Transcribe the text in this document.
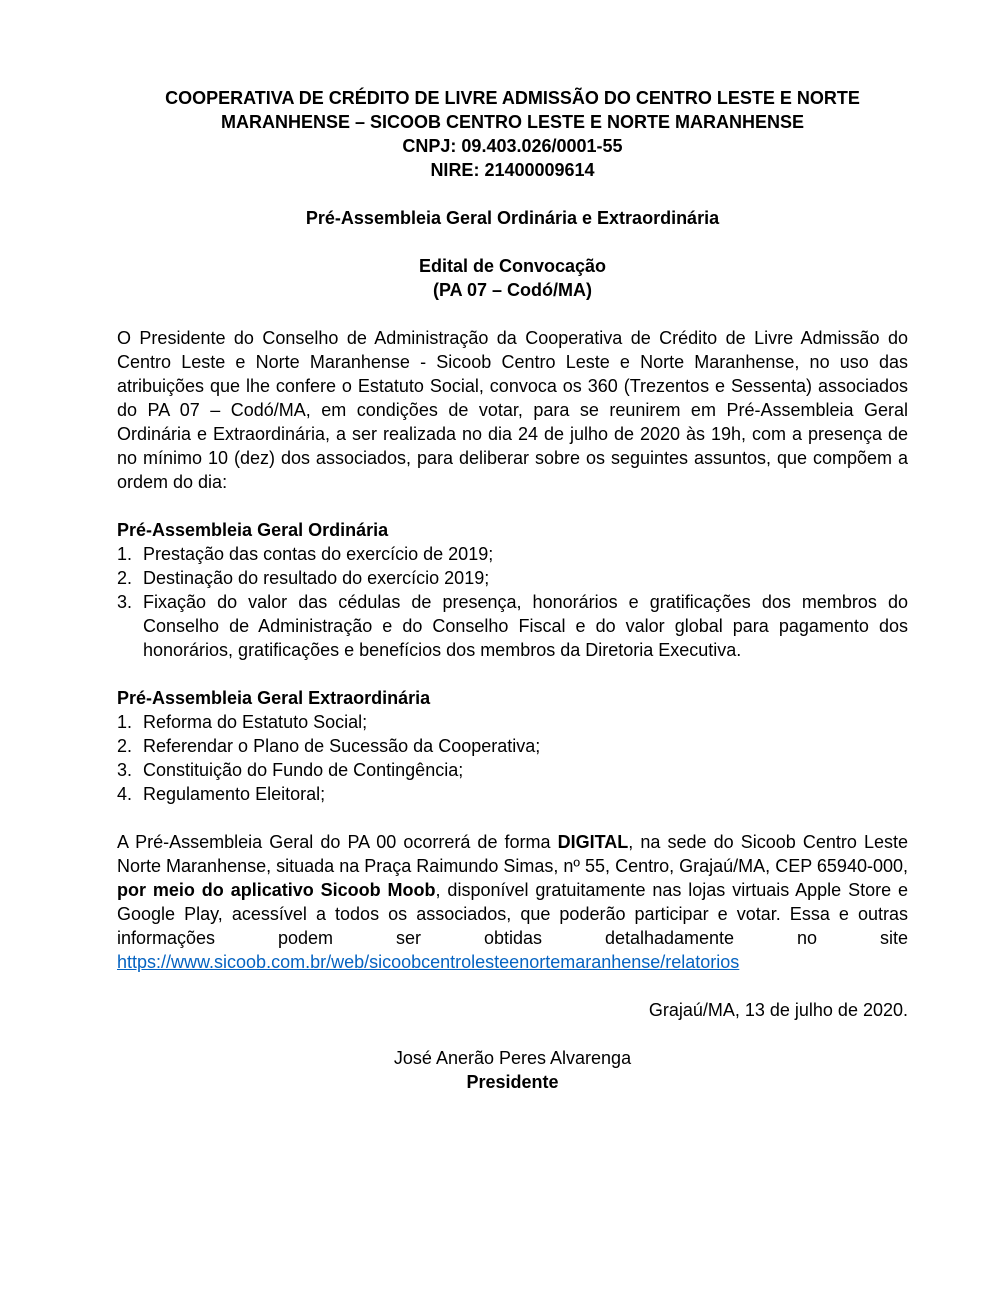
COOPERATIVA DE CRÉDITO DE LIVRE ADMISSÃO DO CENTRO LESTE E NORTE
MARANHENSE – SICOOB CENTRO LESTE E NORTE MARANHENSE
CNPJ: 09.403.026/0001-55
NIRE: 21400009614
Pré-Assembleia Geral Ordinária e Extraordinária
Edital de Convocação
(PA 07 – Codó/MA)

O Presidente do Conselho de Administração da Cooperativa de Crédito de Livre Admissão do Centro Leste e Norte Maranhense - Sicoob Centro Leste e Norte Maranhense, no uso das atribuições que lhe confere o Estatuto Social, convoca os 360 (Trezentos e Sessenta) associados do PA 07 – Codó/MA, em condições de votar, para se reunirem em Pré-Assembleia Geral Ordinária e Extraordinária, a ser realizada no dia 24 de julho de 2020 às 19h, com a presença de no mínimo 10 (dez) dos associados, para deliberar sobre os seguintes assuntos, que compõem a ordem do dia:

Pré-Assembleia Geral Ordinária
1. Prestação das contas do exercício de 2019;
2. Destinação do resultado do exercício 2019;
3. Fixação do valor das cédulas de presença, honorários e gratificações dos membros do Conselho de Administração e do Conselho Fiscal e do valor global para pagamento dos honorários, gratificações e benefícios dos membros da Diretoria Executiva.
Pré-Assembleia Geral Extraordinária
1. Reforma do Estatuto Social;
2. Referendar o Plano de Sucessão da Cooperativa;
3. Constituição do Fundo de Contingência;
4. Regulamento Eleitoral;

A Pré-Assembleia Geral do PA 00 ocorrerá de forma DIGITAL, na sede do Sicoob Centro Leste Norte Maranhense, situada na Praça Raimundo Simas, nº 55, Centro, Grajaú/MA, CEP 65940-000, por meio do aplicativo Sicoob Moob, disponível gratuitamente nas lojas virtuais Apple Store e Google Play, acessível a todos os associados, que poderão participar e votar. Essa e outras informações podem ser obtidas detalhadamente no site https://www.sicoob.com.br/web/sicoobcentrolesteenortemaranhense/relatorios

Grajaú/MA, 13 de julho de 2020.
José Anerão Peres Alvarenga
Presidente
